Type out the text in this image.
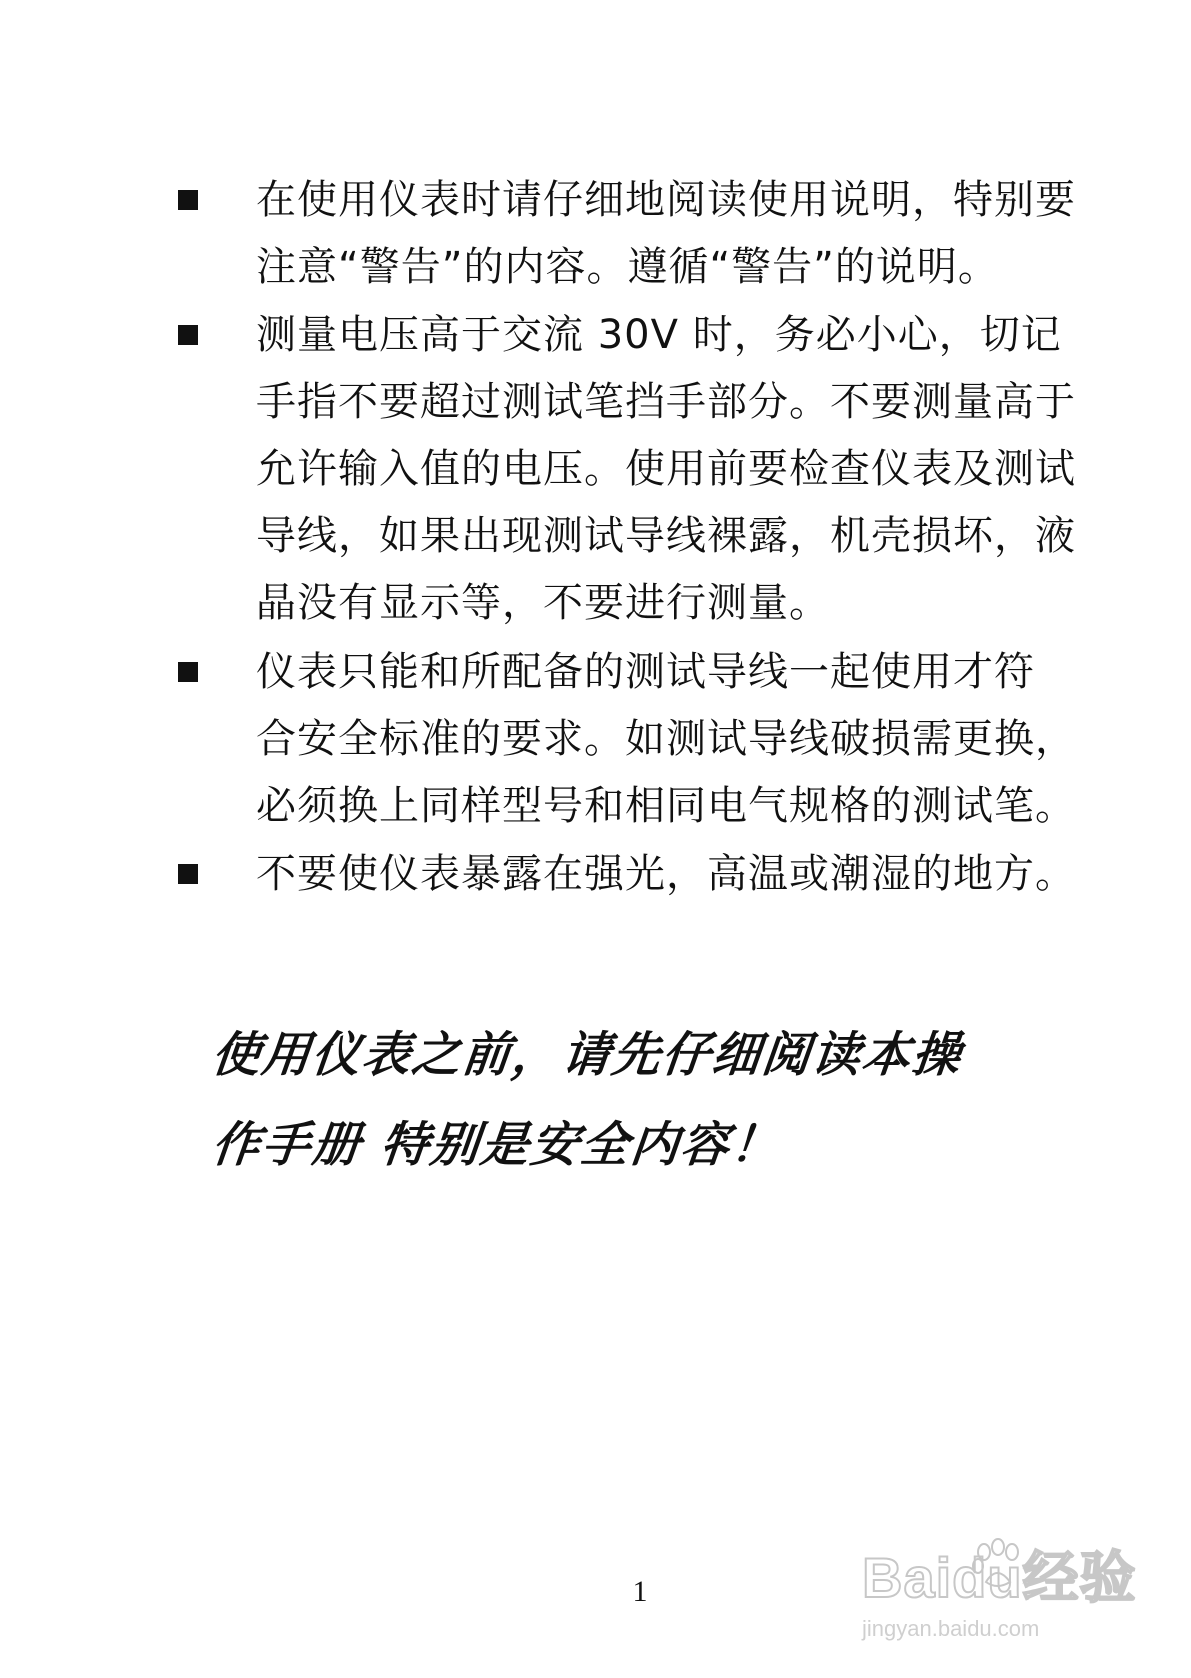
在使用仪表时请仔细地阅读使用说明，特别要
注意“警告”的内容。遵循“警告”的说明。
测量电压高于交流 30V 时，务必小心，切记
手指不要超过测试笔挡手部分。不要测量高于
允许输入值的电压。使用前要检查仪表及测试
导线，如果出现测试导线裸露，机壳损坏，液
晶没有显示等，不要进行测量。
仪表只能和所配备的测试导线一起使用才符
合安全标准的要求。如测试导线破损需更换，
必须换上同样型号和相同电气规格的测试笔。
不要使仪表暴露在强光，高温或潮湿的地方。
使用仪表之前，请先仔细阅读本操
作手册 特别是安全内容！
1	Baidu经验
jingyan.baidu.com
